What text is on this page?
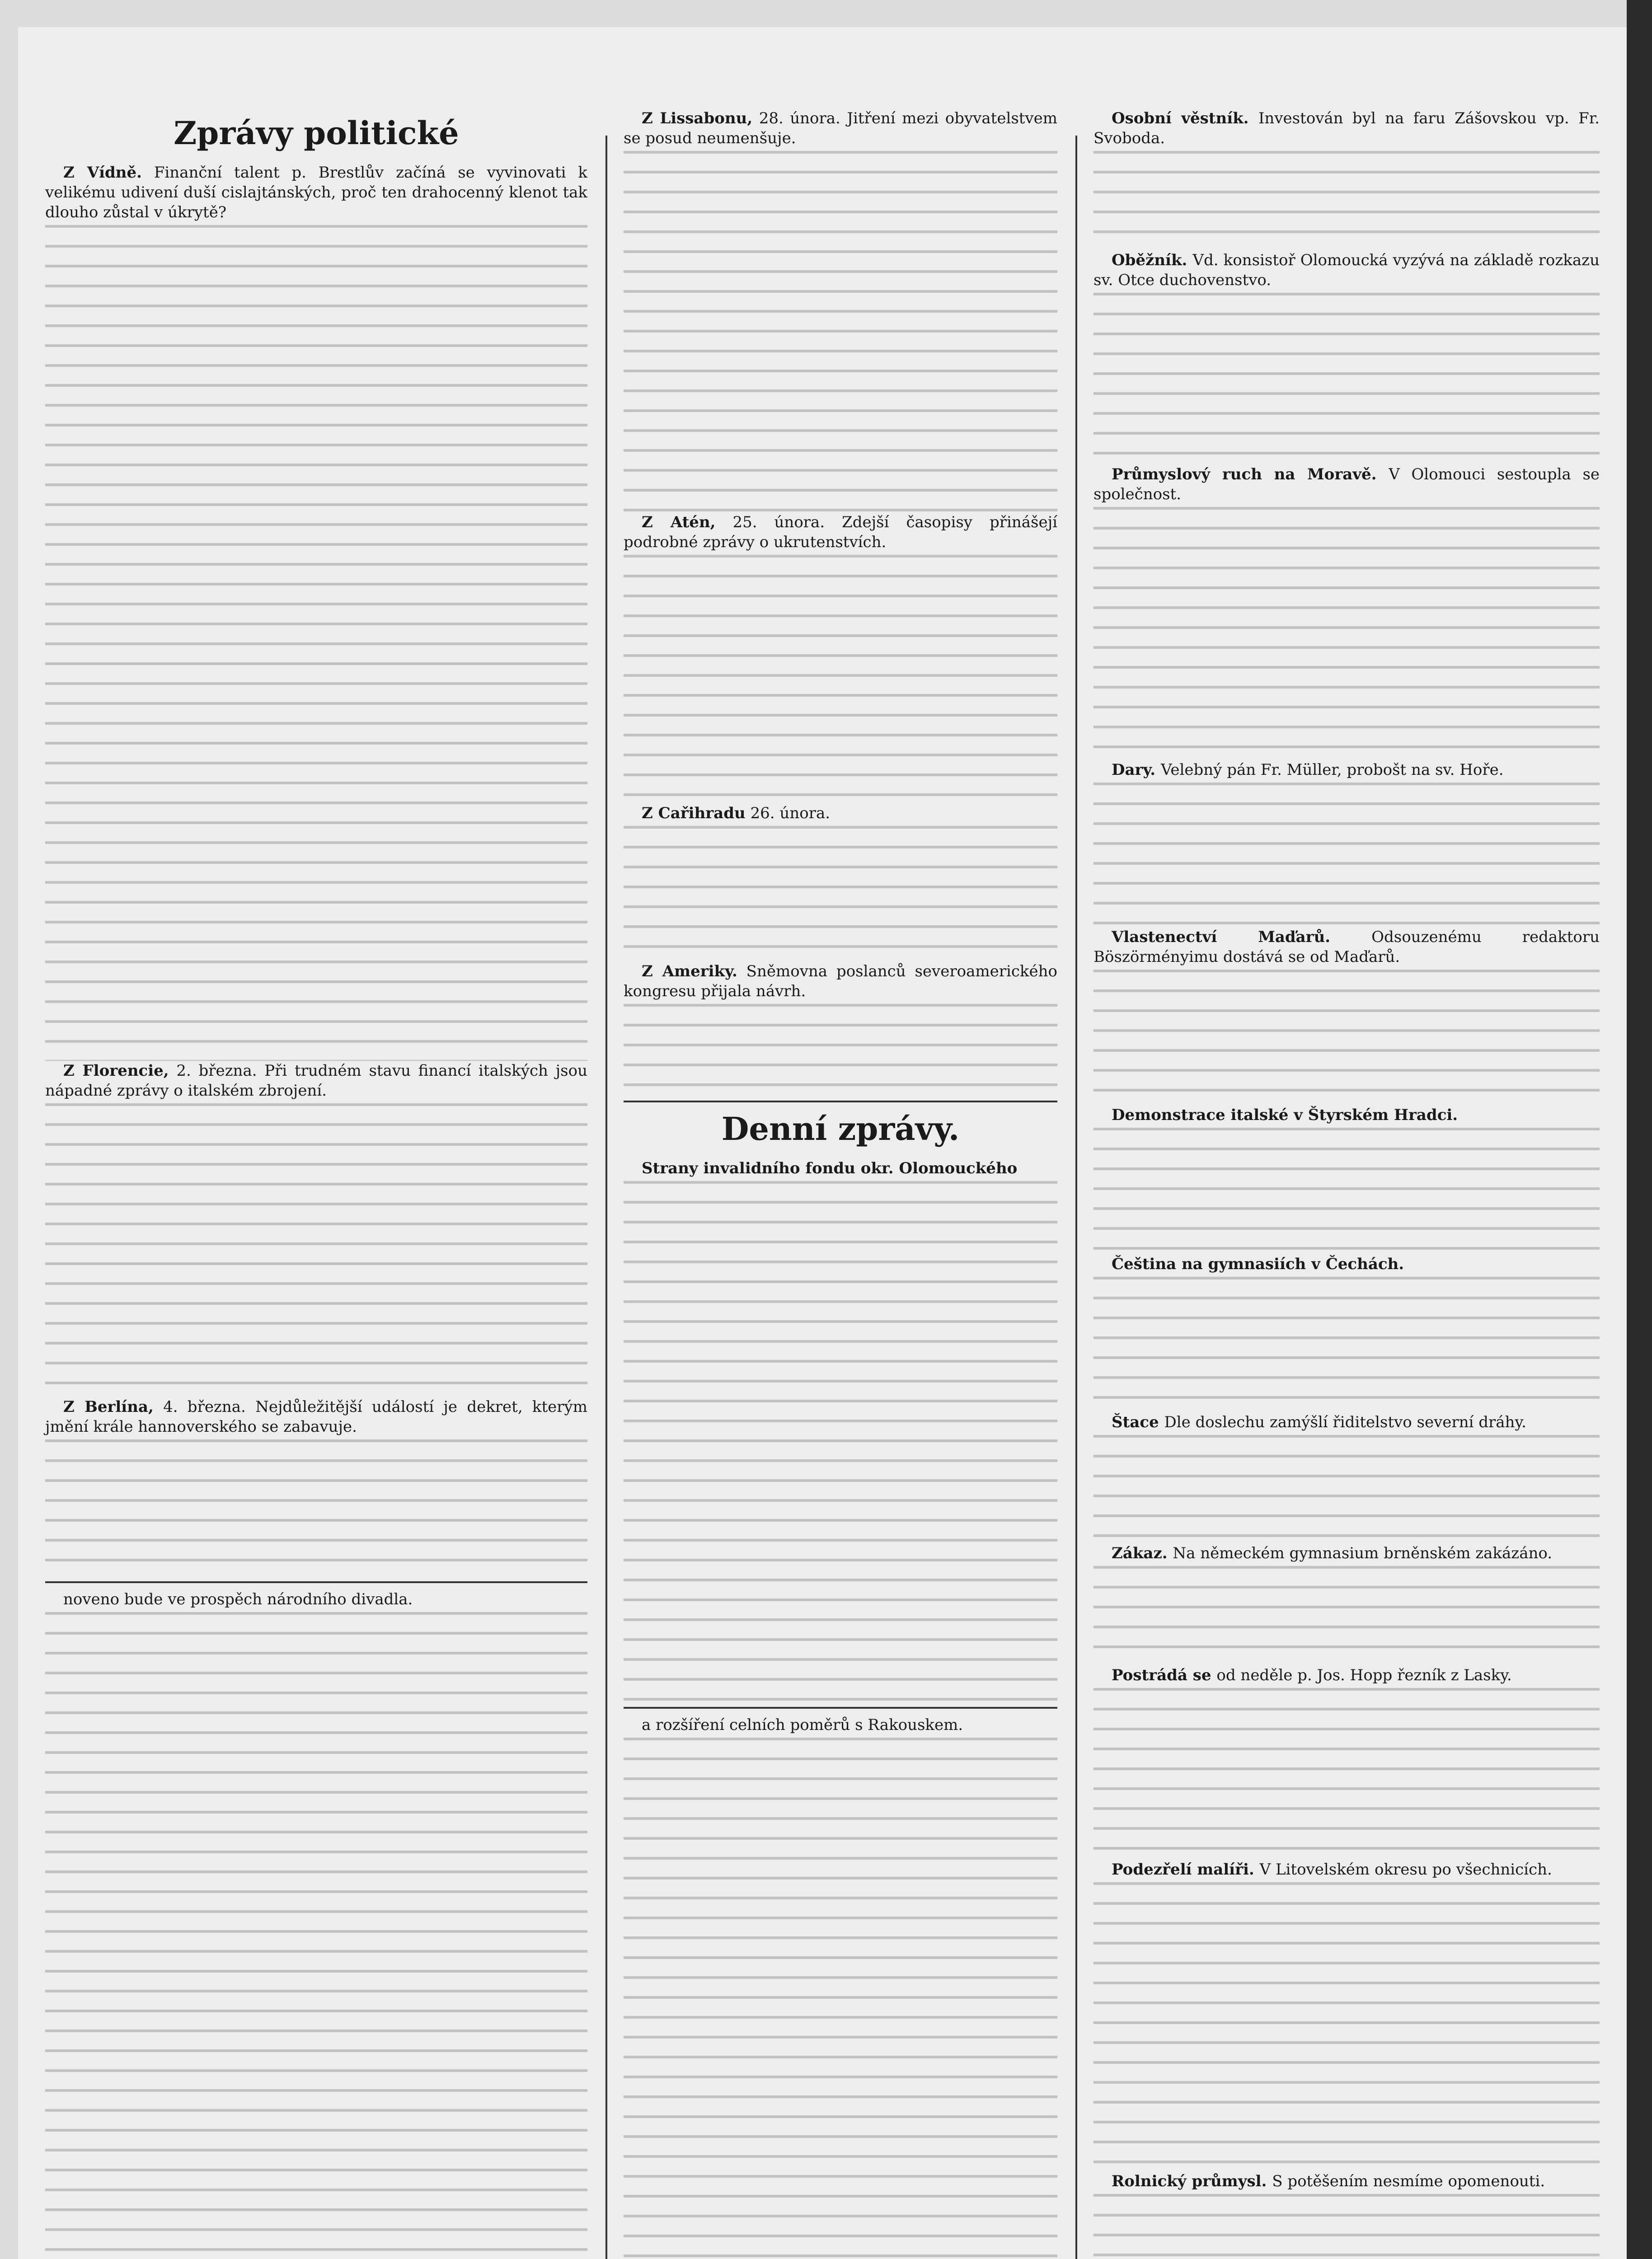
Zprávy politické

Z Vídně. Finanční talent p. Brestlův začíná se vyvinovati k velikému udivení duší cislajtánských, proč ten drahocenný klenot tak dlouho zůstal v úkrytě?

Z Florencie, 2. března. Při trudném stavu financí italských jsou nápadné zprávy o italském zbrojení.

Z Berlína, 4. března. Nejdůležitější událostí je dekret, kterým jmění krále hannoverského se zabavuje.

noveno bude ve prospěch národního divadla.

Z Lissabonu, 28. února. Jitření mezi obyvatelstvem se posud neumenšuje.

Z Atén, 25. února. Zdejší časopisy přinášejí podrobné zprávy o ukrutenstvích.

Z Cařihradu 26. února.

Z Ameriky. Sněmovna poslanců severoamerického kongresu přijala návrh.

Denní zprávy.

Strany invalidního fondu okr. Olomouckého

a rozšíření celních poměrů s Rakouskem.

Osobní věstník. Investován byl na faru Zášovskou vp. Fr. Svoboda.

Oběžník. Vd. konsistoř Olomoucká vyzývá na základě rozkazu sv. Otce duchovenstvo.

Průmyslový ruch na Moravě. V Olomouci sestoupla se společnost.

Dary. Velebný pán Fr. Müller, probošt na sv. Hoře.

Vlastenectví Maďarů. Odsouzenému redaktoru Böszörményimu dostává se od Maďarů.

Demonstrace italské v Štyrském Hradci.

Čeština na gymnasiích v Čechách.

Štace Dle doslechu zamýšlí řiditelstvo severní dráhy.

Zákaz. Na německém gymnasium brněnském zakázáno.

Postrádá se od neděle p. Jos. Hopp řezník z Lasky.

Podezřelí malíři. V Litovelském okresu po všechnicích.

Rolnický průmysl. S potěšením nesmíme opomenouti.
